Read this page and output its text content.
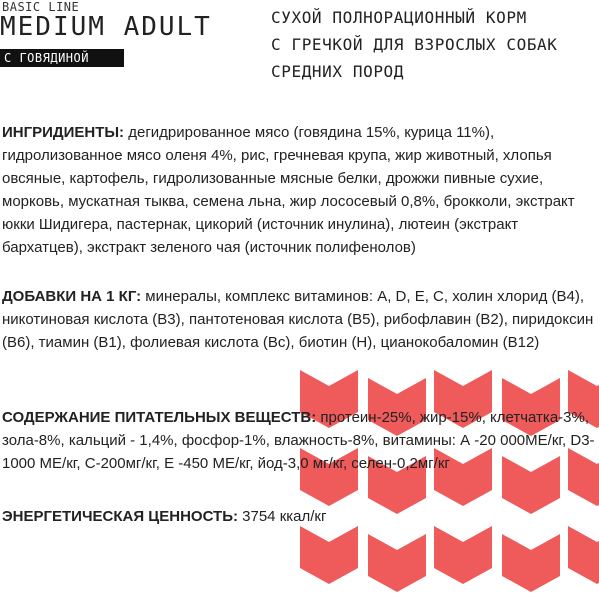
BASIC LINE
MEDIUM ADULT
С ГОВЯДИНОЙ
СУХОЙ ПОЛНОРАЦИОННЫЙ КОРМ
С ГРЕЧКОЙ ДЛЯ ВЗРОСЛЫХ СОБАК
СРЕДНИХ ПОРОД
ИНГРИДИЕНТЫ: дегидрированное мясо (говядина 15%, курица 11%), гидролизованное мясо оленя 4%, рис, гречневая крупа, жир животный, хлопья овсяные, картофель, гидролизованные мясные белки, дрожжи пивные сухие, морковь, мускатная тыква, семена льна, жир лососевый 0,8%, брокколи, экстракт юкки Шидигера, пастернак, цикорий (источник инулина), лютеин (экстракт бархатцев), экстракт зеленого чая (источник полифенолов)
ДОБАВКИ НА 1 КГ: минералы, комплекс витаминов: A, D, E, C, холин хлорид (B4), никотиновая кислота (B3), пантотеновая кислота (B5), рибофлавин (B2), пиридоксин (B6), тиамин (B1), фолиевая кислота (Bc), биотин (H), цианокобаломин (B12)
СОДЕРЖАНИЕ ПИТАТЕЛЬНЫХ ВЕЩЕСТВ: протеин-25%, жир-15%, клетчатка-3%, зола-8%, кальций - 1,4%, фосфор-1%, влажность-8%, витамины: А -20 000МЕ/кг, D3-1000 МЕ/кг, С-200мг/кг, Е -450 МЕ/кг, йод-3,0 мг/кг, селен-0,2мг/кг
ЭНЕРГЕТИЧЕСКАЯ ЦЕННОСТЬ: 3754 ккал/кг
